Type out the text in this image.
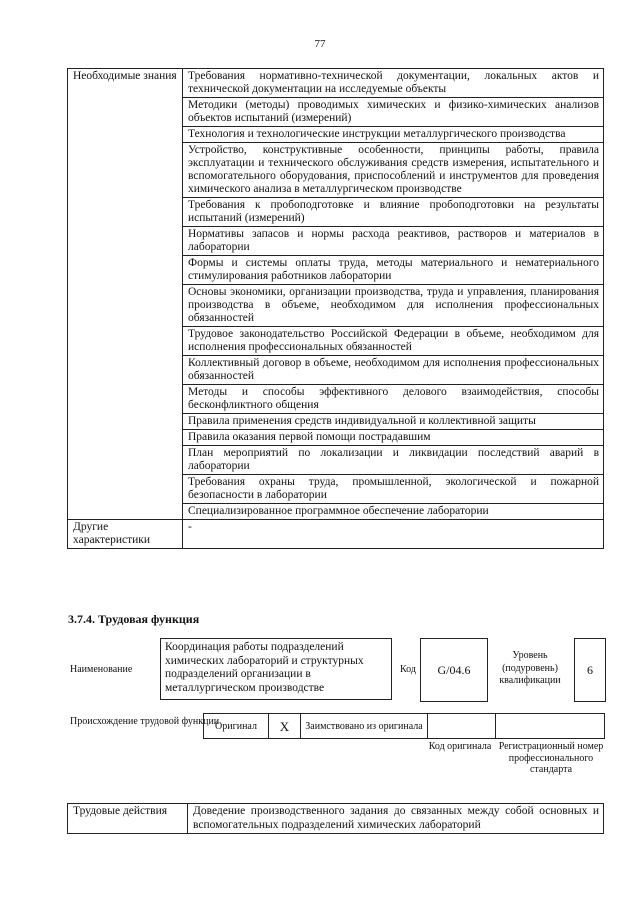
77
Необходимые знания	Требования нормативно-технической документации, локальных актов и технической документации на исследуемые объекты
	Методики (методы) проводимых химических и физико-химических анализов объектов испытаний (измерений)
	Технология и технологические инструкции металлургического производства
	Устройство, конструктивные особенности, принципы работы, правила эксплуатации и технического обслуживания средств измерения, испытательного и вспомогательного оборудования, приспособлений и инструментов для проведения химического анализа в металлургическом производстве
	Требования к пробоподготовке и влияние пробоподготовки на результаты испытаний (измерений)
	Нормативы запасов и нормы расхода реактивов, растворов и материалов в лаборатории
	Формы и системы оплаты труда, методы материального и нематериального стимулирования работников лаборатории
	Основы экономики, организации производства, труда и управления, планирования производства в объеме, необходимом для исполнения профессиональных обязанностей
	Трудовое законодательство Российской Федерации в объеме, необходимом для исполнения профессиональных обязанностей
	Коллективный договор в объеме, необходимом для исполнения профессиональных обязанностей
	Методы и способы эффективного делового взаимодействия, способы бесконфликтного общения
	Правила применения средств индивидуальной и коллективной защиты
	Правила оказания первой помощи пострадавшим
	План мероприятий по локализации и ликвидации последствий аварий в лаборатории
	Требования охраны труда, промышленной, экологической и пожарной безопасности в лаборатории
	Специализированное программное обеспечение лаборатории
Другие характеристики	-
3.7.4. Трудовая функция
Наименование
Координация работы подразделений химических лабораторий и структурных подразделений организации в металлургическом производстве
Код	G/04.6
Уровень (подуровень) квалификации
6
Происхождение трудовой функции
Оригинал	X	Заимствовано из оригинала		
Код оригинала Регистрационный номер профессионального стандарта
Трудовые действия	Доведение производственного задания до связанных между собой основных и вспомогательных подразделений химических лабораторий
